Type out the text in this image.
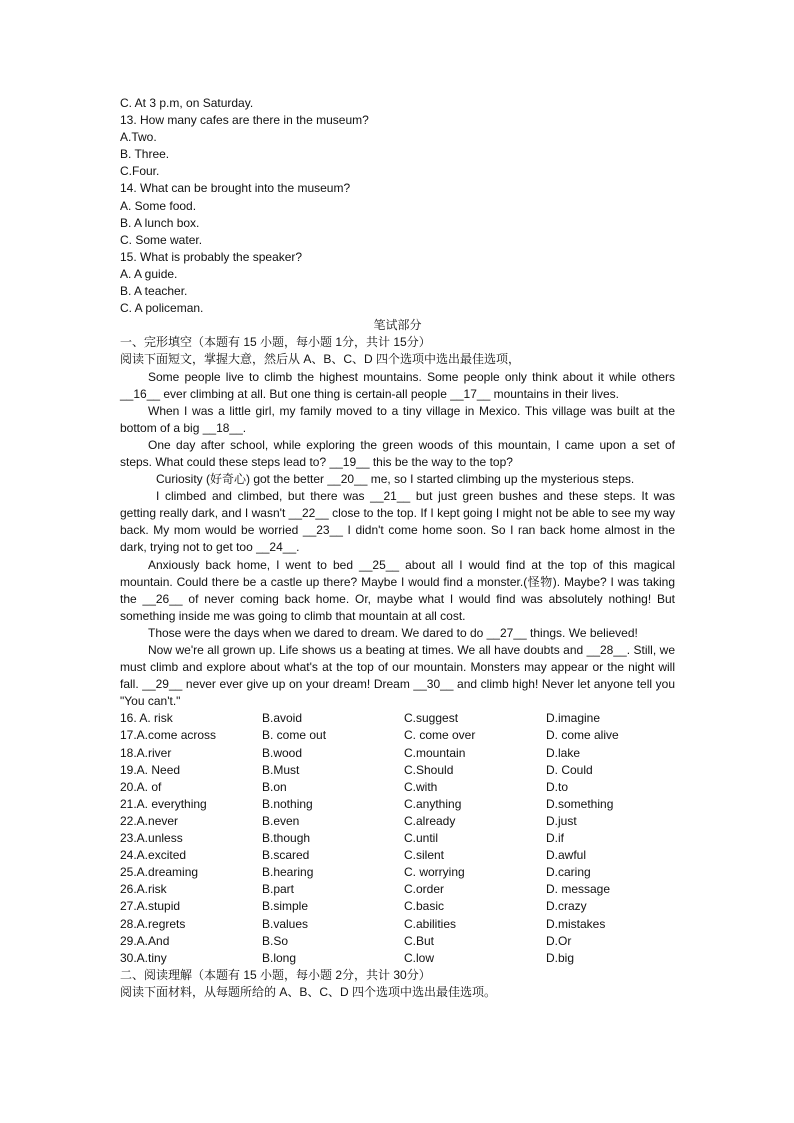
C. At 3 p.m, on Saturday.
13. How many cafes are there in the museum?
A.Two.
B. Three.
C.Four.
14. What can be brought into the museum?
A. Some food.
B. A lunch box.
C. Some water.
15. What is probably the speaker?
A. A guide.
B. A teacher.
C. A policeman.
笔试部分
一、完形填空（本题有 15 小题，每小题 1分，共计 15分）
阅读下面短文，掌握大意，然后从 A、B、C、D 四个选项中选出最佳选项，
Some people live to climb the highest mountains. Some people only think about it while others __16__ ever climbing at all. But one thing is certain-all people __17__ mountains in their lives.
When I was a little girl, my family moved to a tiny village in Mexico. This village was built at the bottom of a big __18__.
One day after school, while exploring the green woods of this mountain, I came upon a set of steps. What could these steps lead to? __19__ this be the way to the top?
Curiosity (好奇心) got the better __20__ me, so I started climbing up the mysterious steps.
I climbed and climbed, but there was __21__ but just green bushes and these steps. It was getting really dark, and I wasn't __22__ close to the top. If I kept going I might not be able to see my way back. My mom would be worried __23__ I didn't come home soon. So I ran back home almost in the dark, trying not to get too __24__.
Anxiously back home, I went to bed __25__ about all I would find at the top of this magical mountain. Could there be a castle up there? Maybe I would find a monster.(怪物). Maybe? I was taking the __26__ of never coming back home. Or, maybe what I would find was absolutely nothing! But something inside me was going to climb that mountain at all cost.
Those were the days when we dared to dream. We dared to do __27__ things. We believed!
Now we're all grown up. Life shows us a beating at times. We all have doubts and __28__. Still, we must climb and explore about what's at the top of our mountain. Monsters may appear or the night will fall. __29__ never ever give up on your dream! Dream __30__ and climb high! Never let anyone tell you "You can't."
16. A. risk	B.avoid	C.suggest	D.imagine
17.A.come across	B. come out	C. come over	D. come alive
18.A.river	B.wood	C.mountain	D.lake
19.A. Need	B.Must	C.Should	D. Could
20.A. of	B.on	C.with	D.to
21.A. everything	B.nothing	C.anything	D.something
22.A.never	B.even	C.already	D.just
23.A.unless	B.though	C.until	D.if
24.A.excited	B.scared	C.silent	D.awful
25.A.dreaming	B.hearing	C. worrying	D.caring
26.A.risk	B.part	C.order	D. message
27.A.stupid	B.simple	C.basic	D.crazy
28.A.regrets	B.values	C.abilities	D.mistakes
29.A.And	B.So	C.But	D.Or
30.A.tiny	B.long	C.low	D.big
二、阅读理解（本题有 15 小题，每小题 2分，共计 30分）
阅读下面材料，从每题所给的 A、B、C、D 四个选项中选出最佳选项。
